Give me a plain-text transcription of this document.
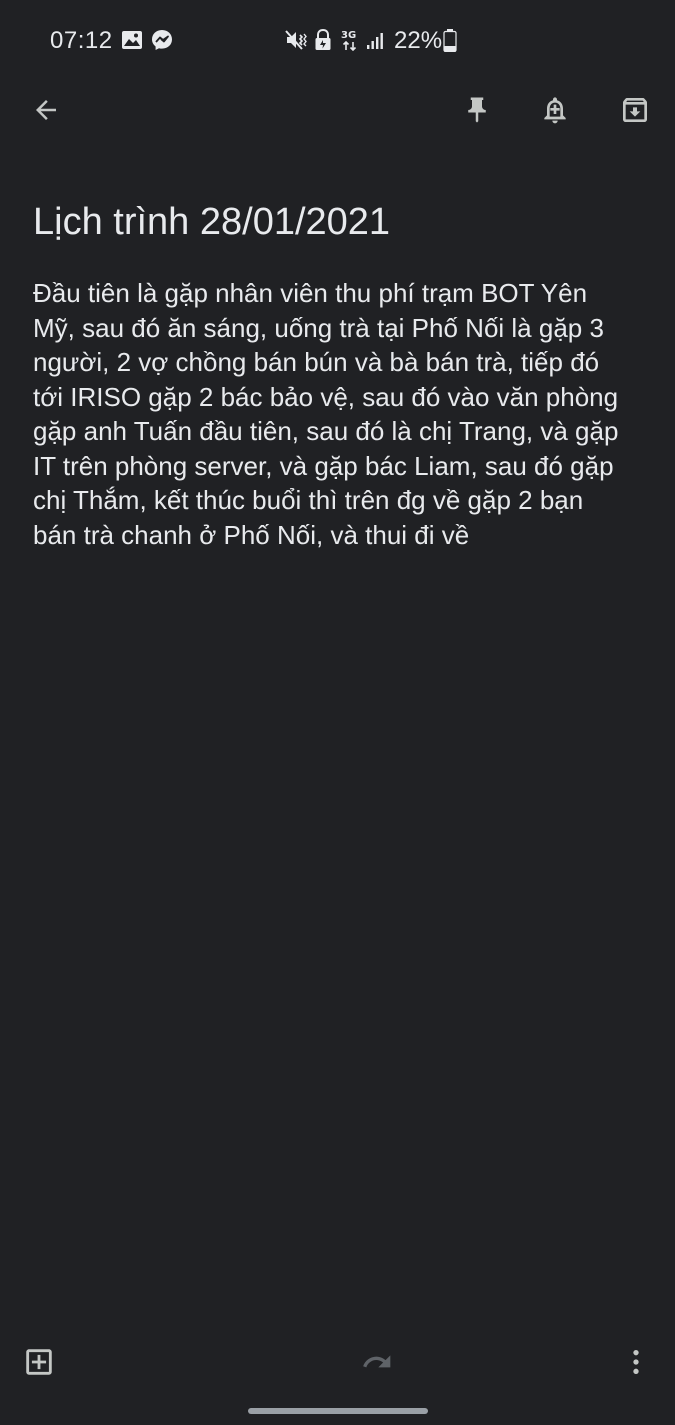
07:12	3G 22%
Lịch trình 28/01/2021

Đầu tiên là gặp nhân viên thu phí trạm BOT Yên Mỹ, sau đó ăn sáng, uống trà tại Phố Nối là gặp 3 người, 2 vợ chồng bán bún và bà bán trà, tiếp đó tới IRISO gặp 2 bác bảo vệ, sau đó vào văn phòng gặp anh Tuấn đầu tiên, sau đó là chị Trang, và gặp IT trên phòng server, và gặp bác Liam, sau đó gặp chị Thắm, kết thúc buổi thì trên đg về gặp 2 bạn bán trà chanh ở Phố Nối, và thui đi về
